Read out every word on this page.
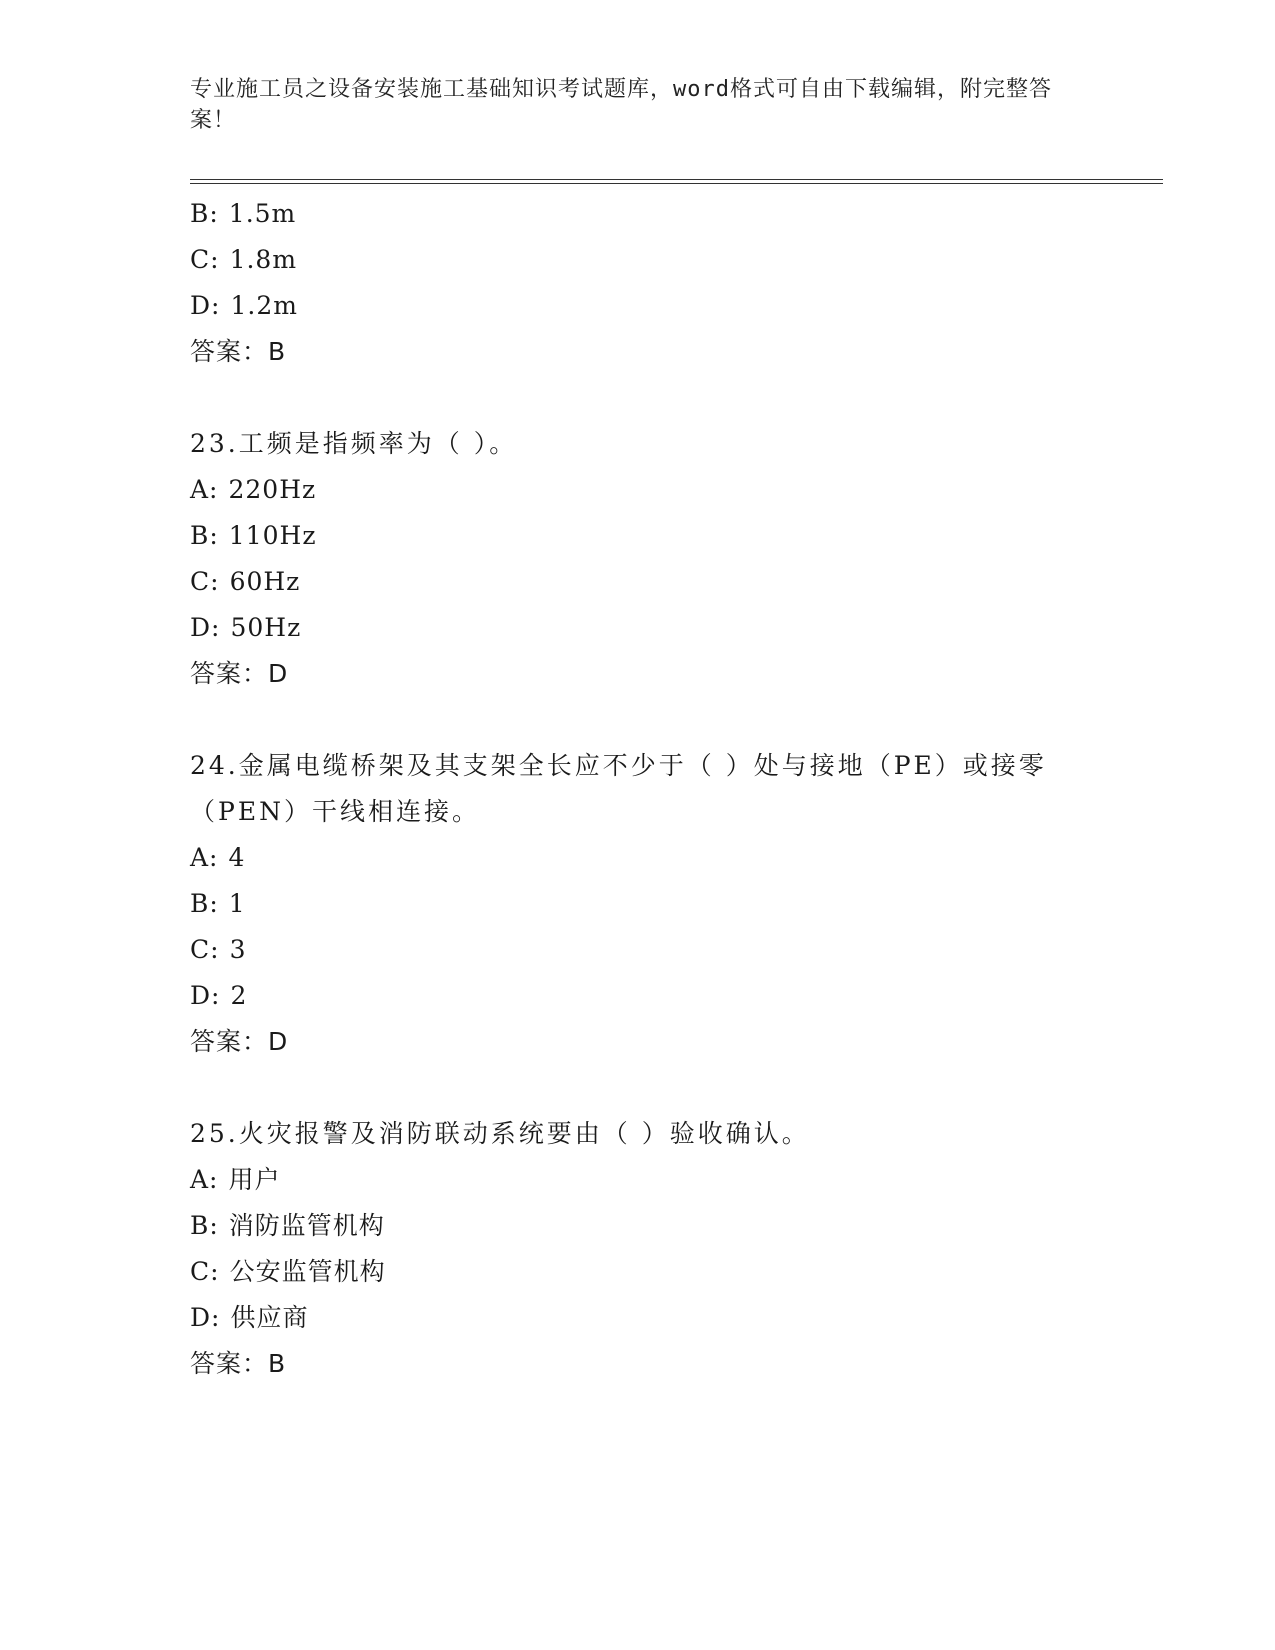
专业施工员之设备安装施工基础知识考试题库，word格式可自由下载编辑，附完整答案！
B: 1.5m
C: 1.8m
D: 1.2m
答案：B
23.工频是指频率为（ ）。
A: 220Hz
B: 110Hz
C: 60Hz
D: 50Hz
答案：D
24.金属电缆桥架及其支架全长应不少于（ ）处与接地（PE）或接零（PEN）干线相连接。
A: 4
B: 1
C: 3
D: 2
答案：D
25.火灾报警及消防联动系统要由（ ）验收确认。
A: 用户
B: 消防监管机构
C: 公安监管机构
D: 供应商
答案：B
